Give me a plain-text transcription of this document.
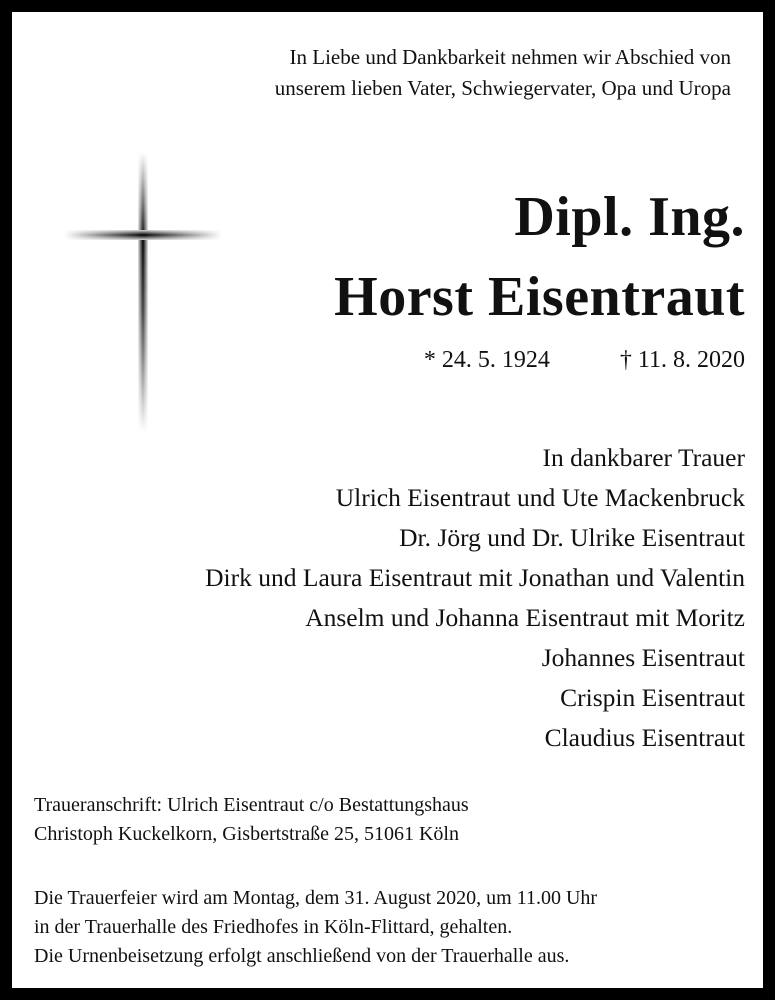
In Liebe und Dankbarkeit nehmen wir Abschied von
unserem lieben Vater, Schwiegervater, Opa und Uropa
Dipl. Ing.
Horst Eisentraut
* 24. 5. 1924	† 11. 8. 2020
In dankbarer Trauer
Ulrich Eisentraut und Ute Mackenbruck
Dr. Jörg und Dr. Ulrike Eisentraut
Dirk und Laura Eisentraut mit Jonathan und Valentin
Anselm und Johanna Eisentraut mit Moritz
Johannes Eisentraut
Crispin Eisentraut
Claudius Eisentraut
Traueranschrift: Ulrich Eisentraut c/o Bestattungshaus
Christoph Kuckelkorn, Gisbertstraße 25, 51061 Köln
Die Trauerfeier wird am Montag, dem 31. August 2020, um 11.00 Uhr
in der Trauerhalle des Friedhofes in Köln-Flittard, gehalten.
Die Urnenbeisetzung erfolgt anschließend von der Trauerhalle aus.
